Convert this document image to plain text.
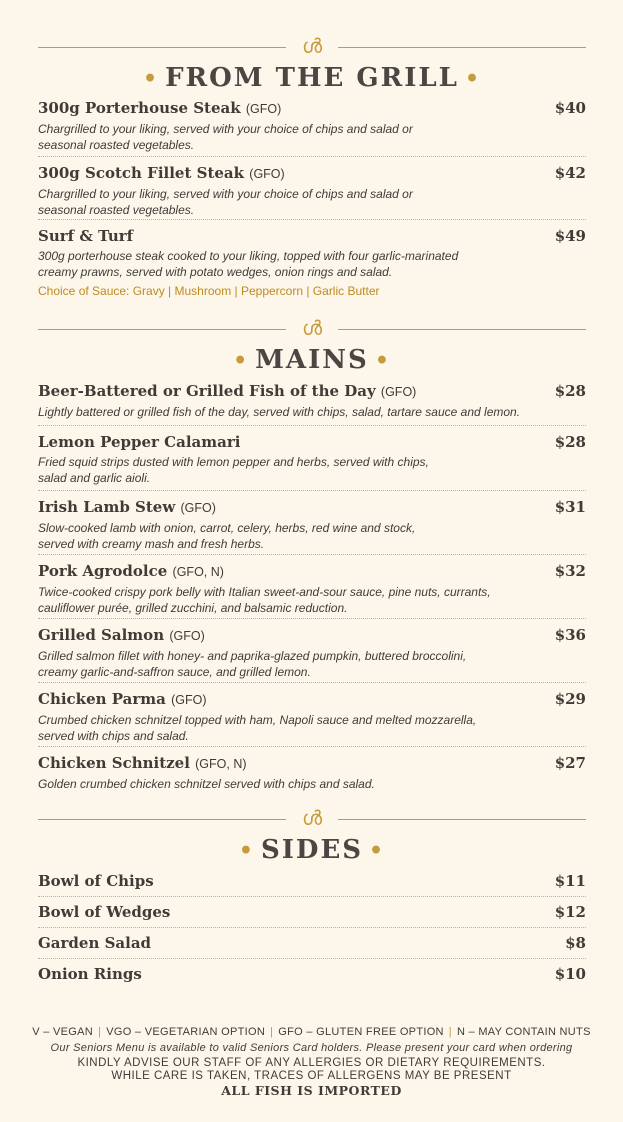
ൾ
• FROM THE GRILL •
300g Porterhouse Steak (GFO)	$40
Chargrilled to your liking, served with your choice of chips and salad or seasonal roasted vegetables.
300g Scotch Fillet Steak (GFO)	$42
Chargrilled to your liking, served with your choice of chips and salad or seasonal roasted vegetables.
Surf & Turf	$49
300g porterhouse steak cooked to your liking, topped with four garlic-marinated creamy prawns, served with potato wedges, onion rings and salad.
Choice of Sauce: Gravy | Mushroom | Peppercorn | Garlic Butter
ൾ
• MAINS •
Beer-Battered or Grilled Fish of the Day (GFO)	$28
Lightly battered or grilled fish of the day, served with chips, salad, tartare sauce and lemon.
Lemon Pepper Calamari	$28
Fried squid strips dusted with lemon pepper and herbs, served with chips, salad and garlic aioli.
Irish Lamb Stew (GFO)	$31
Slow-cooked lamb with onion, carrot, celery, herbs, red wine and stock, served with creamy mash and fresh herbs.
Pork Agrodolce (GFO, N)	$32
Twice-cooked crispy pork belly with Italian sweet-and-sour sauce, pine nuts, currants, cauliflower purée, grilled zucchini, and balsamic reduction.
Grilled Salmon (GFO)	$36
Grilled salmon fillet with honey- and paprika-glazed pumpkin, buttered broccolini, creamy garlic-and-saffron sauce, and grilled lemon.
Chicken Parma (GFO)	$29
Crumbed chicken schnitzel topped with ham, Napoli sauce and melted mozzarella, served with chips and salad.
Chicken Schnitzel (GFO, N)	$27
Golden crumbed chicken schnitzel served with chips and salad.
ൾ
• SIDES •
Bowl of Chips	$11
Bowl of Wedges	$12
Garden Salad	$8
Onion Rings	$10
V – VEGAN | VGO – VEGETARIAN OPTION | GFO – GLUTEN FREE OPTION | N – MAY CONTAIN NUTS
Our Seniors Menu is available to valid Seniors Card holders. Please present your card when ordering
KINDLY ADVISE OUR STAFF OF ANY ALLERGIES OR DIETARY REQUIREMENTS.
WHILE CARE IS TAKEN, TRACES OF ALLERGENS MAY BE PRESENT
ALL FISH IS IMPORTED
